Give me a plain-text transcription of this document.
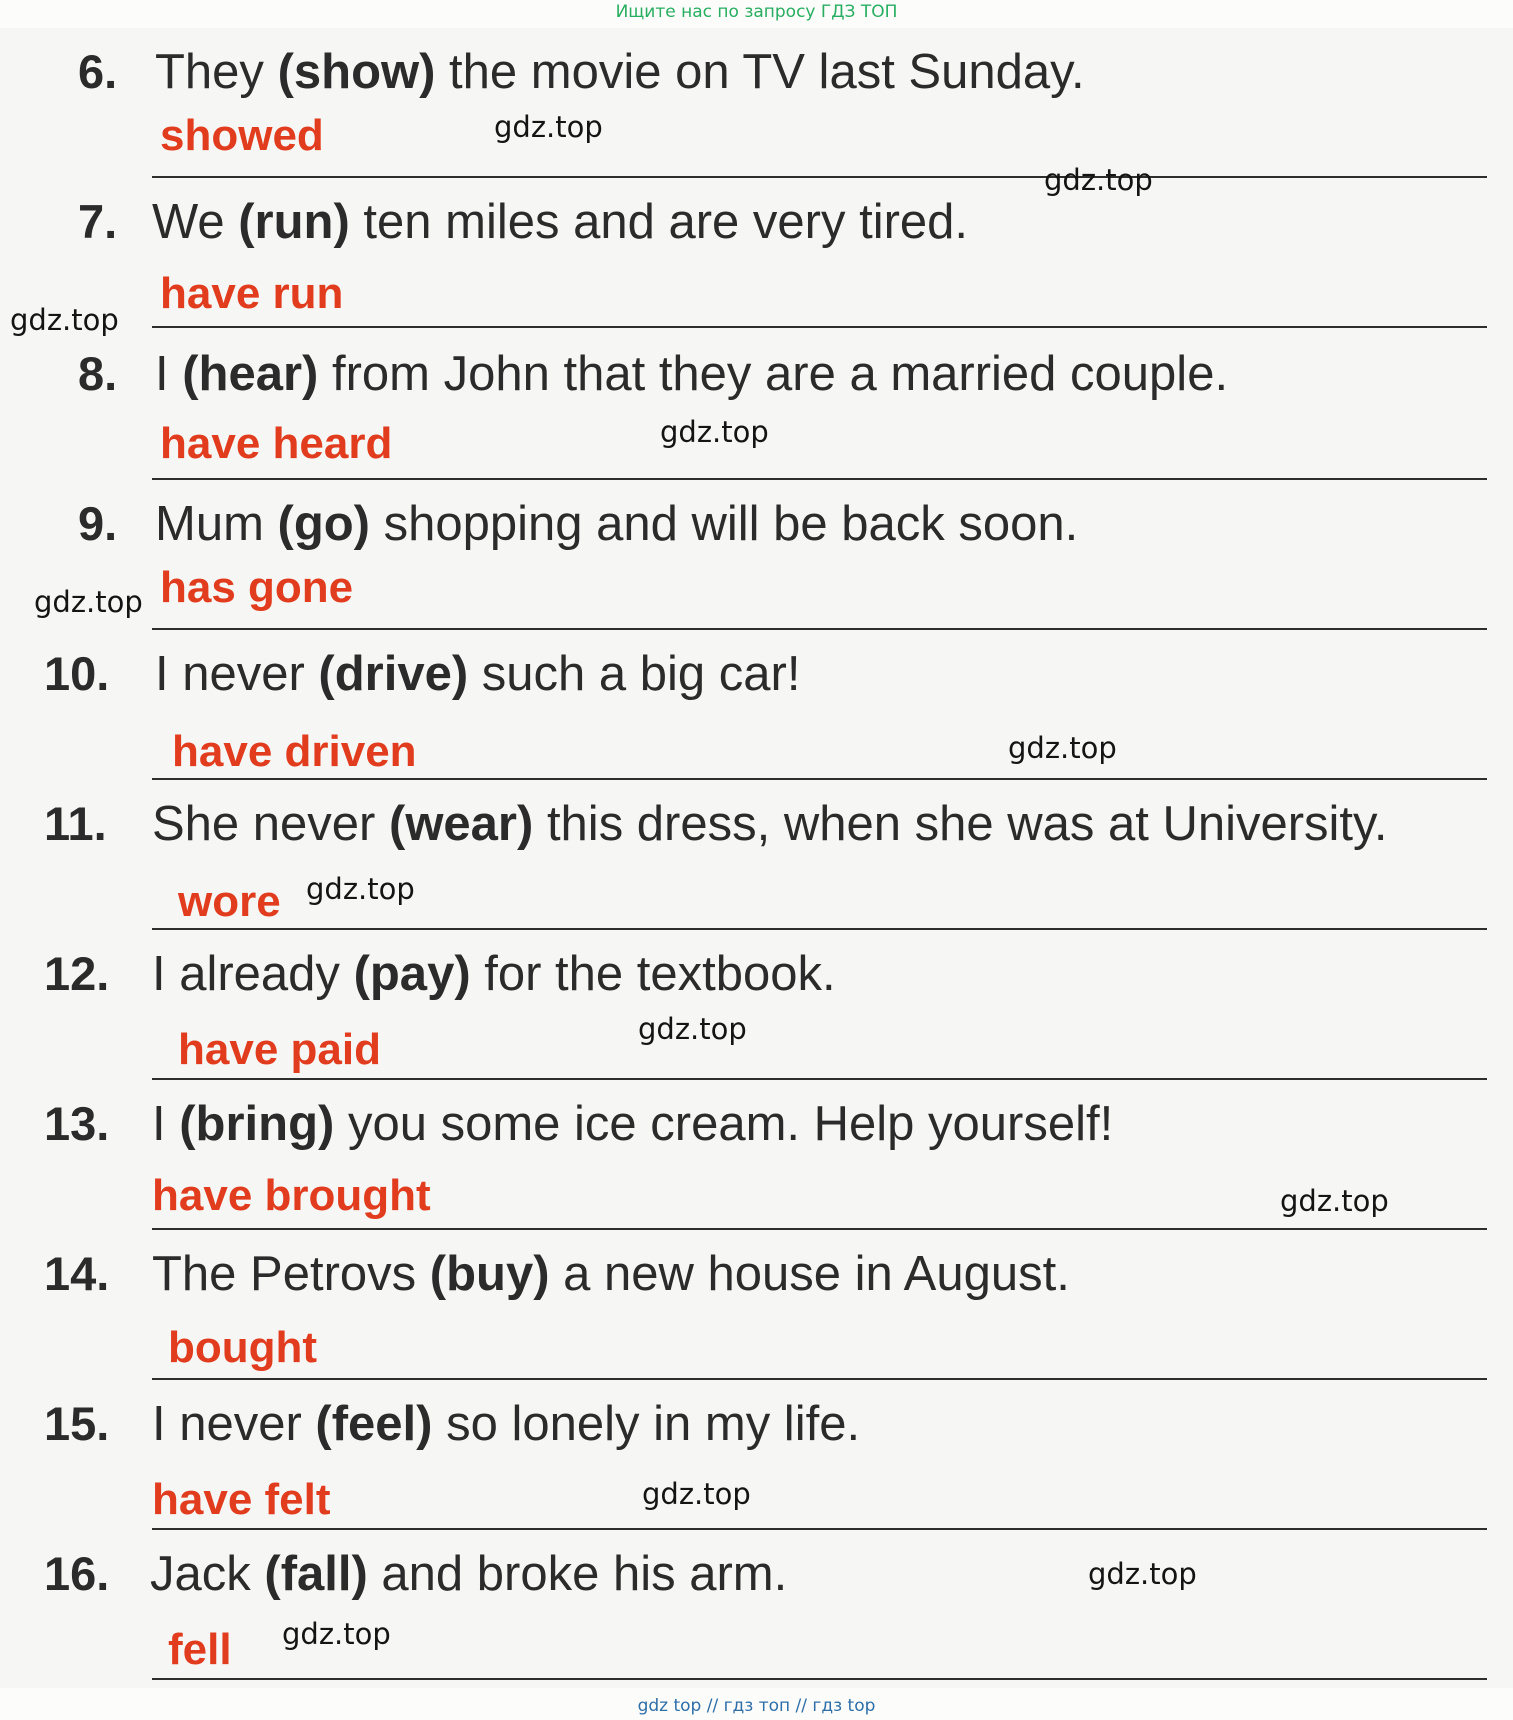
Ищите нас по запросу ГДЗ ТОП
6. They (show) the movie on TV last Sunday.
showed
7. We (run) ten miles and are very tired.
have run
8. I (hear) from John that they are a married couple.
have heard
9. Mum (go) shopping and will be back soon.
has gone
10. I never (drive) such a big car!
have driven
11. She never (wear) this dress, when she was at University.
wore
12. I already (pay) for the textbook.
have paid
13. I (bring) you some ice cream. Help yourself!
have brought
14. The Petrovs (buy) a new house in August.
bought
15. I never (feel) so lonely in my life.
have felt
16. Jack (fall) and broke his arm.
fell
gdz.top
gdz.top
gdz.top
gdz.top
gdz.top
gdz.top
gdz.top
gdz.top
gdz.top
gdz.top
gdz.top
gdz.top
gdz top // гдз топ // гдз top
